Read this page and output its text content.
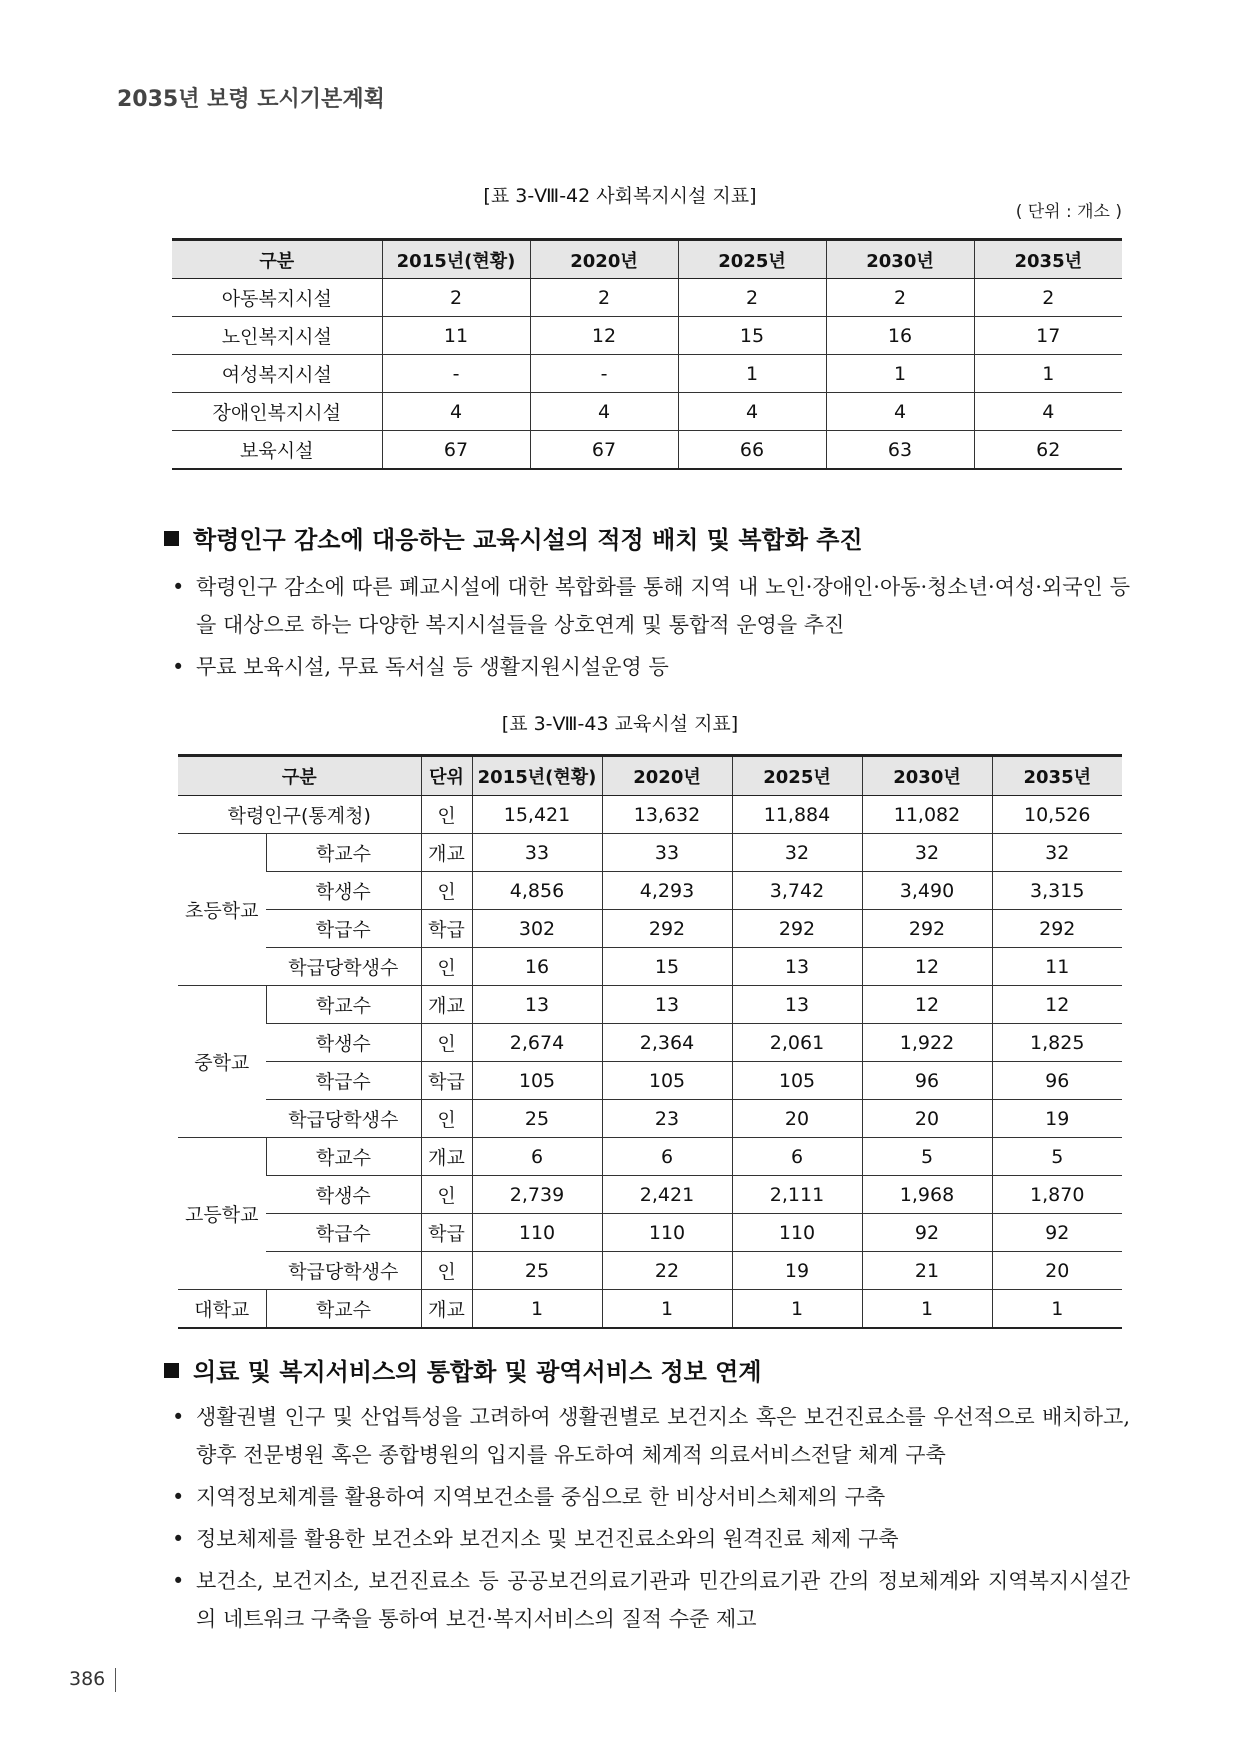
2035년 보령 도시기본계획
[표 3-Ⅷ-42 사회복지시설 지표]
( 단위 : 개소 )
구분	2015년(현황)	2020년	2025년	2030년	2035년
아동복지시설	2	2	2	2	2
노인복지시설	11	12	15	16	17
여성복지시설	-	-	1	1	1
장애인복지시설	4	4	4	4	4
보육시설	67	67	66	63	62
학령인구 감소에 대응하는 교육시설의 적정 배치 및 복합화 추진
• 학령인구 감소에 따른 폐교시설에 대한 복합화를 통해 지역 내 노인·장애인·아동·청소년·여성·외국인 등을 대상으로 하는 다양한 복지시설들을 상호연계 및 통합적 운영을 추진
• 무료 보육시설, 무료 독서실 등 생활지원시설운영 등
[표 3-Ⅷ-43 교육시설 지표]
구분		단위	2015년(현황)	2020년	2025년	2030년	2035년
학령인구(통계청)		인	15,421	13,632	11,884	11,082	10,526
초등학교	학교수	개교	33	33	32	32	32
	학생수	인	4,856	4,293	3,742	3,490	3,315
	학급수	학급	302	292	292	292	292
	학급당학생수	인	16	15	13	12	11
중학교	학교수	개교	13	13	13	12	12
	학생수	인	2,674	2,364	2,061	1,922	1,825
	학급수	학급	105	105	105	96	96
	학급당학생수	인	25	23	20	20	19
고등학교	학교수	개교	6	6	6	5	5
	학생수	인	2,739	2,421	2,111	1,968	1,870
	학급수	학급	110	110	110	92	92
	학급당학생수	인	25	22	19	21	20
대학교	학교수	개교	1	1	1	1	1
의료 및 복지서비스의 통합화 및 광역서비스 정보 연계
• 생활권별 인구 및 산업특성을 고려하여 생활권별로 보건지소 혹은 보건진료소를 우선적으로 배치하고, 향후 전문병원 혹은 종합병원의 입지를 유도하여 체계적 의료서비스전달 체계 구축
• 지역정보체계를 활용하여 지역보건소를 중심으로 한 비상서비스체제의 구축
• 정보체제를 활용한 보건소와 보건지소 및 보건진료소와의 원격진료 체제 구축
• 보건소, 보건지소, 보건진료소 등 공공보건의료기관과 민간의료기관 간의 정보체계와 지역복지시설간의 네트워크 구축을 통하여 보건·복지서비스의 질적 수준 제고
386
